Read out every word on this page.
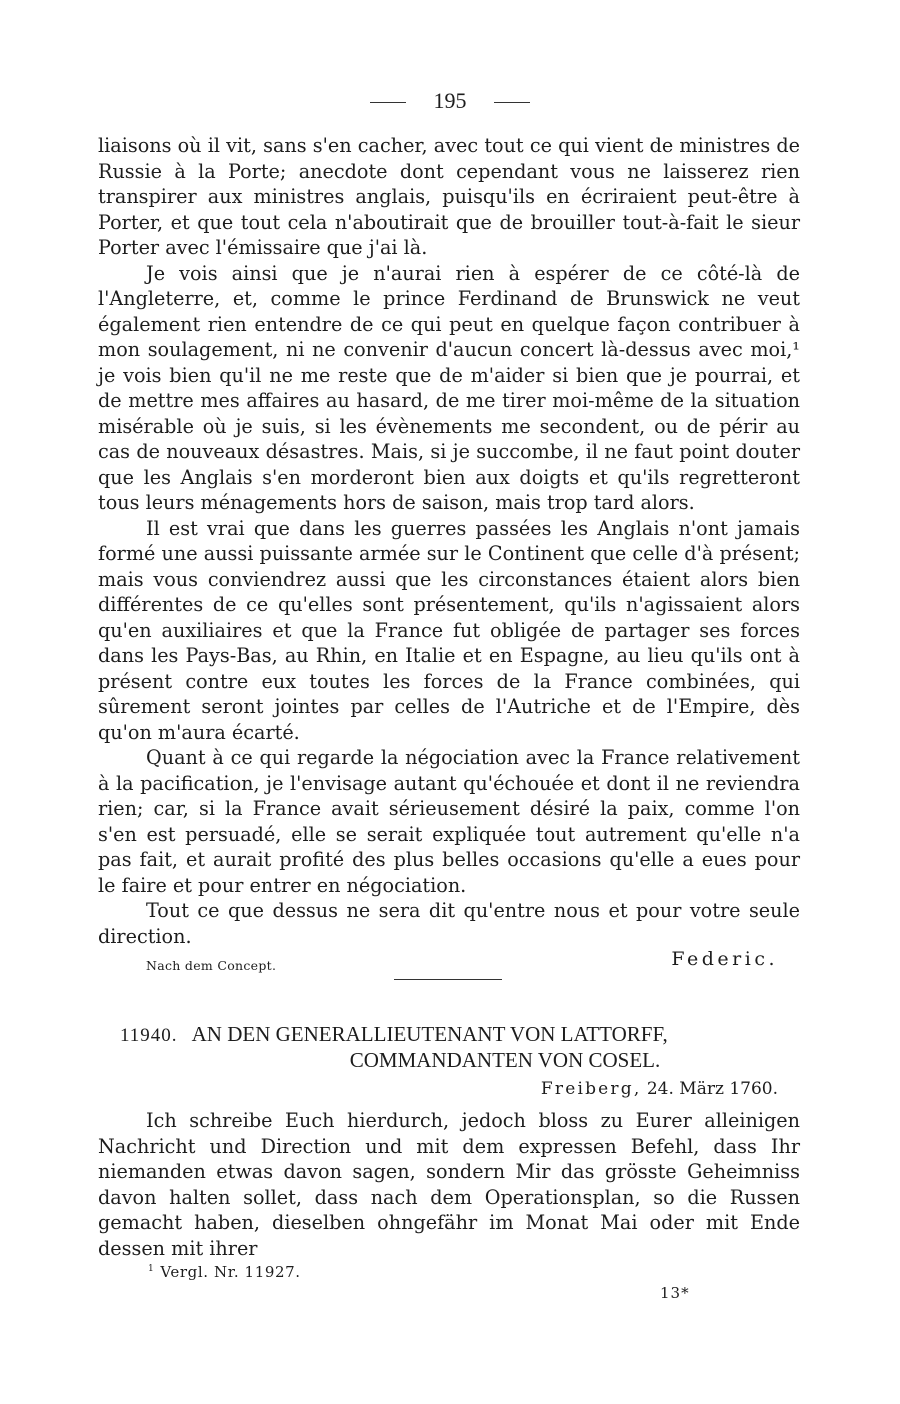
195

liaisons où il vit, sans s'en cacher, avec tout ce qui vient de ministres de Russie à la Porte; anecdote dont cependant vous ne laisserez rien transpirer aux ministres anglais, puisqu'ils en écriraient peut-être à Porter, et que tout cela n'aboutirait que de brouiller tout-à-fait le sieur Porter avec l'émissaire que j'ai là.

Je vois ainsi que je n'aurai rien à espérer de ce côté-là de l'Angleterre, et, comme le prince Ferdinand de Brunswick ne veut également rien entendre de ce qui peut en quelque façon contribuer à mon soulagement, ni ne convenir d'aucun concert là-dessus avec moi,¹ je vois bien qu'il ne me reste que de m'aider si bien que je pourrai, et de mettre mes affaires au hasard, de me tirer moi-même de la situation misérable où je suis, si les évènements me secondent, ou de périr au cas de nouveaux désastres. Mais, si je succombe, il ne faut point douter que les Anglais s'en morderont bien aux doigts et qu'ils regretteront tous leurs ménagements hors de saison, mais trop tard alors.

Il est vrai que dans les guerres passées les Anglais n'ont jamais formé une aussi puissante armée sur le Continent que celle d'à présent; mais vous conviendrez aussi que les circonstances étaient alors bien différentes de ce qu'elles sont présentement, qu'ils n'agissaient alors qu'en auxiliaires et que la France fut obligée de partager ses forces dans les Pays-Bas, au Rhin, en Italie et en Espagne, au lieu qu'ils ont à présent contre eux toutes les forces de la France combinées, qui sûrement seront jointes par celles de l'Autriche et de l'Empire, dès qu'on m'aura écarté.

Quant à ce qui regarde la négociation avec la France relativement à la pacification, je l'envisage autant qu'échouée et dont il ne reviendra rien; car, si la France avait sérieusement désiré la paix, comme l'on s'en est persuadé, elle se serait expliquée tout autrement qu'elle n'a pas fait, et aurait profité des plus belles occasions qu'elle a eues pour le faire et pour entrer en négociation.

Tout ce que dessus ne sera dit qu'entre nous et pour votre seule direction.

Nach dem Concept.	Federic.
11940. AN DEN GENERALLIEUTENANT VON LATTORFF,
COMMANDANTEN VON COSEL.
Freiberg, 24. März 1760.

Ich schreibe Euch hierdurch, jedoch bloss zu Eurer alleinigen Nachricht und Direction und mit dem expressen Befehl, dass Ihr niemanden etwas davon sagen, sondern Mir das grösste Geheimniss davon halten sollet, dass nach dem Operationsplan, so die Russen gemacht haben, dieselben ohngefähr im Monat Mai oder mit Ende dessen mit ihrer

$^1$ Vergl. Nr. 11927.
13*
